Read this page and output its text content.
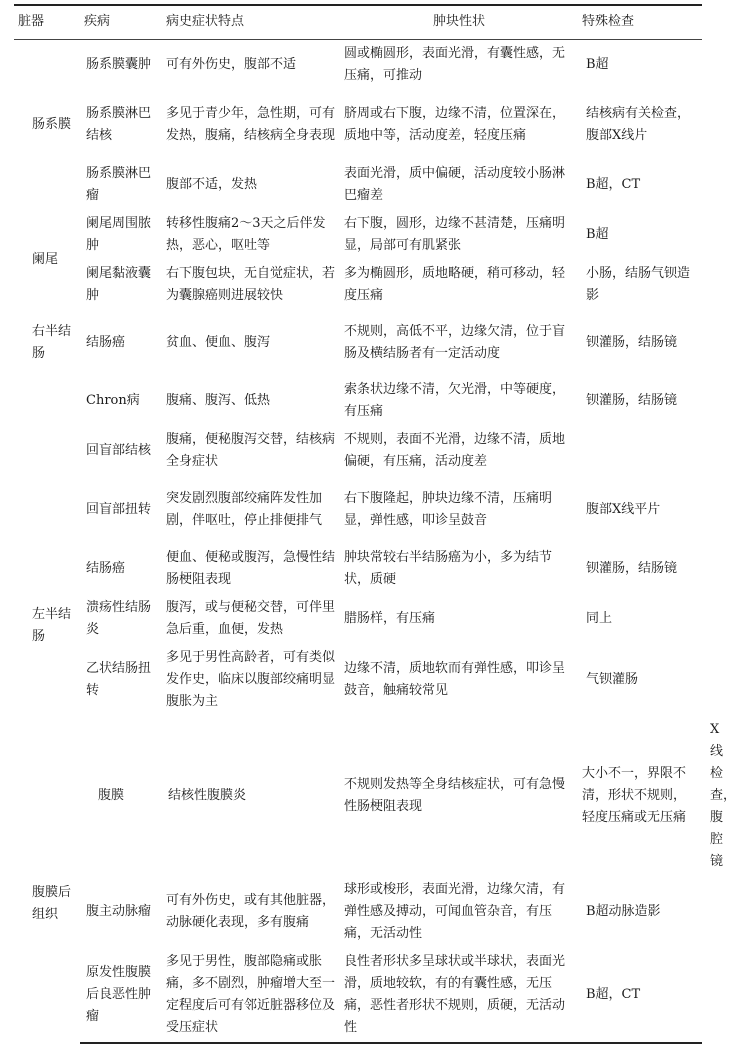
脏器	疾病	病史症状特点	肿块性状	特殊检查	
肠系膜	肠系膜囊肿	可有外伤史，腹部不适	圆或椭圆形，表面光滑，有囊性感，无压痛，可推动	B超	
	肠系膜淋巴结核	多见于青少年，急性期，可有发热，腹痛，结核病全身表现	脐周或右下腹，边缘不清，位置深在，质地中等，活动度差，轻度压痛	结核病有关检查，腹部X线片	
	肠系膜淋巴瘤	腹部不适，发热	表面光滑，质中偏硬，活动度较小肠淋巴瘤差	B超，CT	
阑尾	阑尾周围脓肿	转移性腹痛2～3天之后伴发热，恶心，呕吐等	右下腹，圆形，边缘不甚清楚，压痛明显，局部可有肌紧张	B超	
	阑尾黏液囊肿	右下腹包块，无自觉症状，若为囊腺癌则进展较快	多为椭圆形，质地略硬，稍可移动，轻度压痛	小肠，结肠气钡造影	
右半结肠	结肠癌	贫血、便血、腹泻	不规则，高低不平，边缘欠清，位于盲肠及横结肠者有一定活动度	钡灌肠，结肠镜	
左半结肠	Chron病	腹痛、腹泻、低热	索条状边缘不清，欠光滑，中等硬度，有压痛	钡灌肠，结肠镜	
	回盲部结核	腹痛，便秘腹泻交替，结核病全身症状	不规则，表面不光滑，边缘不清，质地偏硬，有压痛，活动度差		
	回盲部扭转	突发剧烈腹部绞痛阵发性加剧，伴呕吐，停止排便排气	右下腹隆起，肿块边缘不清，压痛明显，弹性感，叩诊呈鼓音	腹部X线平片	
	结肠癌	便血、便秘或腹泻，急慢性结肠梗阻表现	肿块常较右半结肠癌为小，多为结节状，质硬	钡灌肠，结肠镜	
	溃疡性结肠炎	腹泻，或与便秘交替，可伴里急后重，血便，发热	腊肠样，有压痛	同上	
	乙状结肠扭转	多见于男性高龄者，可有类似发作史，临床以腹部绞痛明显腹胀为主	边缘不清，质地软而有弹性感，叩诊呈鼓音，触痛较常见	气钡灌肠	
	腹膜	结核性腹膜炎	不规则发热等全身结核症状，可有急慢性肠梗阻表现	大小不一，界限不清，形状不规则，轻度压痛或无压痛	X线检查，腹腔镜
腹膜后组织	腹主动脉瘤	可有外伤史，或有其他脏器，动脉硬化表现，多有腹痛	球形或梭形，表面光滑，边缘欠清，有弹性感及搏动，可闻血管杂音，有压痛，无活动性	B超动脉造影	
	原发性腹膜后良恶性肿瘤	多见于男性，腹部隐痛或胀痛，多不剧烈，肿瘤增大至一定程度后可有邻近脏器移位及受压症状	良性者形状多呈球状或半球状，表面光滑，质地较软，有的有囊性感，无压痛，恶性者形状不规则，质硬，无活动性	B超，CT	
